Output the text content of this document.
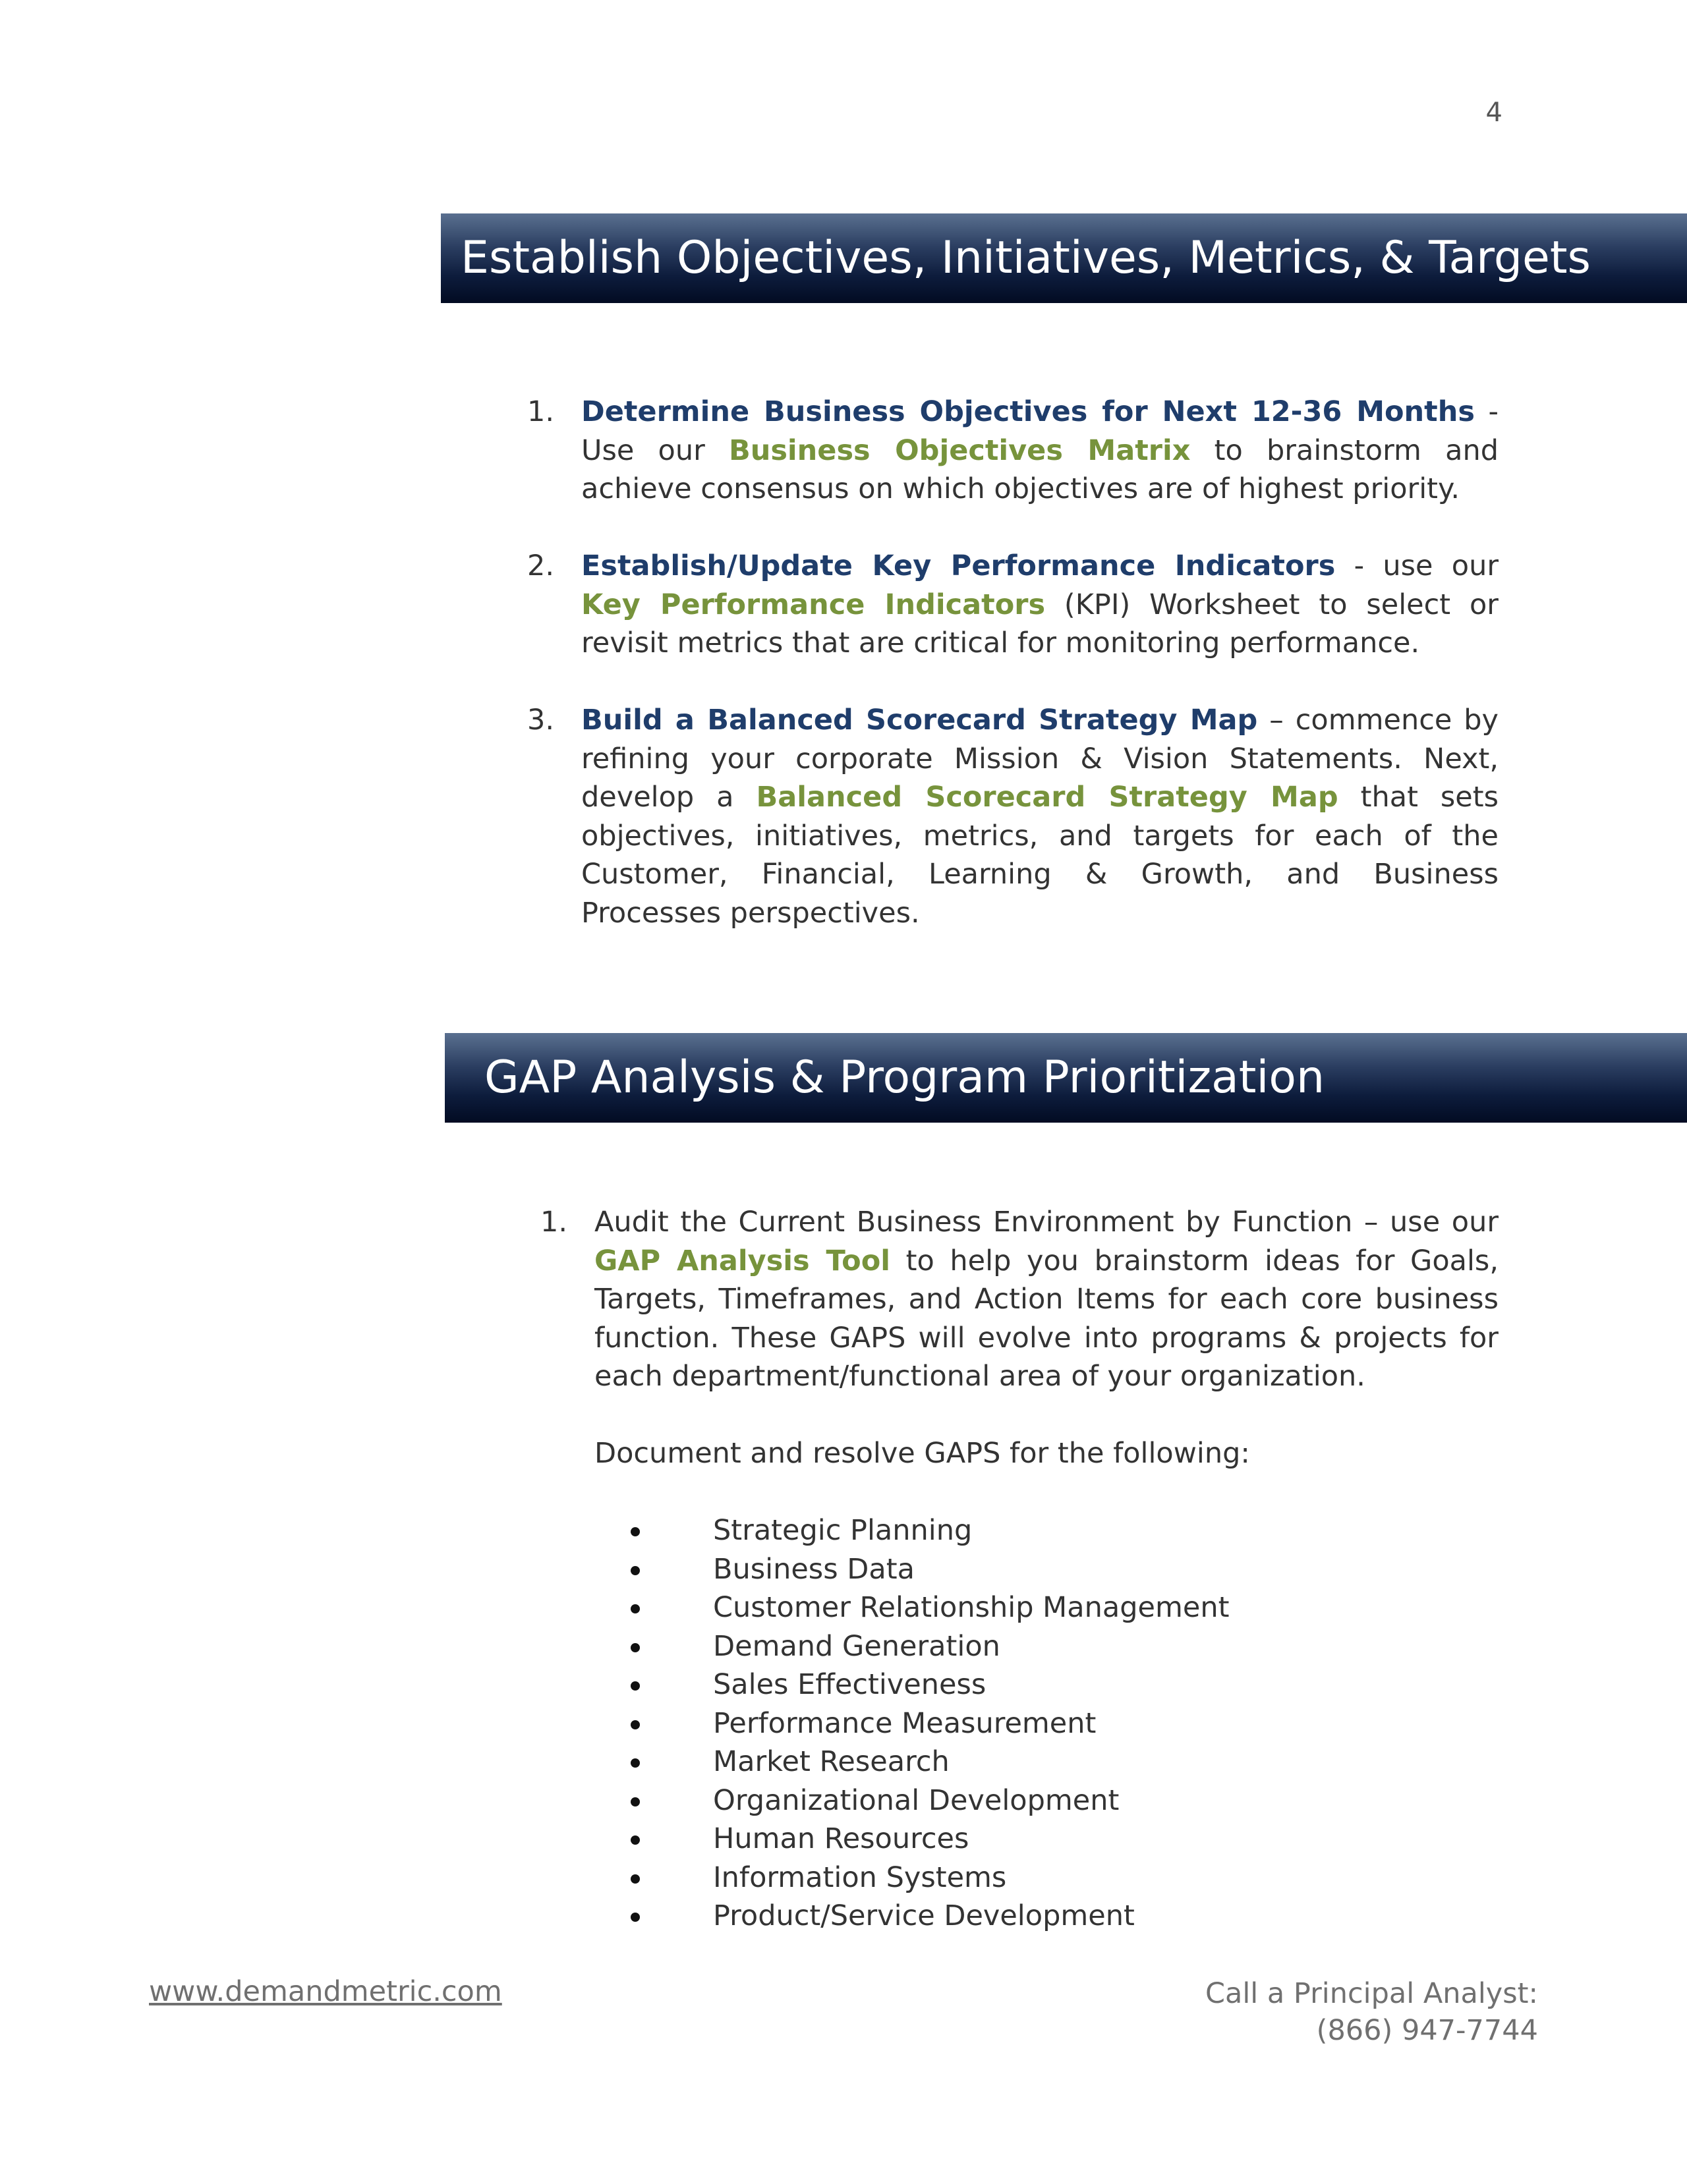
4
Establish Objectives, Initiatives, Metrics, & Targets
1. Determine Business Objectives for Next 12-36 Months - Use our Business Objectives Matrix to brainstorm and achieve consensus on which objectives are of highest priority.
2. Establish/Update Key Performance Indicators - use our Key Performance Indicators (KPI) Worksheet to select or revisit metrics that are critical for monitoring performance.
3. Build a Balanced Scorecard Strategy Map – commence by refining your corporate Mission & Vision Statements. Next, develop a Balanced Scorecard Strategy Map that sets objectives, initiatives, metrics, and targets for each of the Customer, Financial, Learning & Growth, and Business Processes perspectives.
GAP Analysis & Program Prioritization
1. Audit the Current Business Environment by Function – use our GAP Analysis Tool to help you brainstorm ideas for Goals, Targets, Timeframes, and Action Items for each core business function. These GAPS will evolve into programs & projects for each department/functional area of your organization.
Document and resolve GAPS for the following:
Strategic Planning
Business Data
Customer Relationship Management
Demand Generation
Sales Effectiveness
Performance Measurement
Market Research
Organizational Development
Human Resources
Information Systems
Product/Service Development
www.demandmetric.com	Call a Principal Analyst:
(866) 947-7744
